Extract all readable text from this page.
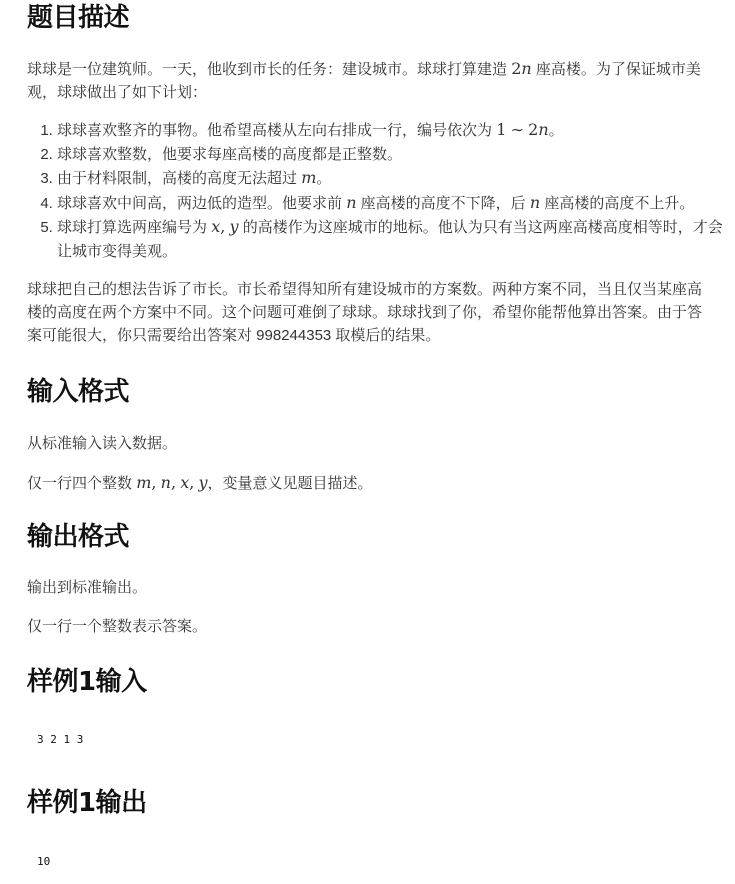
题目描述

球球是一位建筑师。一天，他收到市长的任务：建设城市。球球打算建造 2n 座高楼。为了保证城市美观，球球做出了如下计划：

1. 球球喜欢整齐的事物。他希望高楼从左向右排成一行，编号依次为 1 ∼ 2n。
2. 球球喜欢整数，他要求每座高楼的高度都是正整数。
3. 由于材料限制，高楼的高度无法超过 m。
4. 球球喜欢中间高，两边低的造型。他要求前 n 座高楼的高度不下降，后 n 座高楼的高度不上升。
5. 球球打算选两座编号为 x, y 的高楼作为这座城市的地标。他认为只有当这两座高楼高度相等时，才会让城市变得美观。

球球把自己的想法告诉了市长。市长希望得知所有建设城市的方案数。两种方案不同，当且仅当某座高楼的高度在两个方案中不同。这个问题可难倒了球球。球球找到了你，希望你能帮他算出答案。由于答案可能很大，你只需要给出答案对 998244353 取模后的结果。

输入格式

从标准输入读入数据。

仅一行四个整数 m, n, x, y，变量意义见题目描述。

输出格式

输出到标准输出。

仅一行一个整数表示答案。

样例1输入
3 2 1 3
样例1输出
10
